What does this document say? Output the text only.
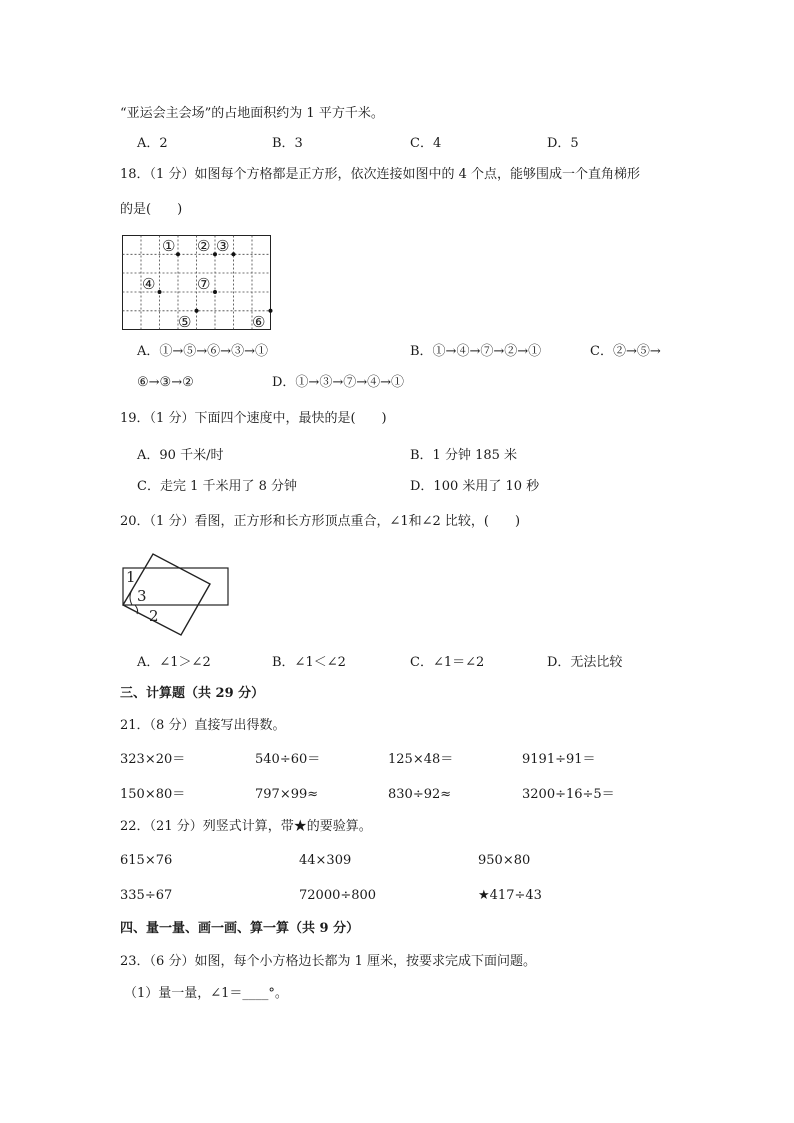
“亚运会主会场”的占地面积约为 1 平方千米。
A．2	B．3	C．4	D．5
18．（1 分）如图每个方格都是正方形，依次连接如图中的 4 个点，能够围成一个直角梯形
的是(　　)
① ② ③
④	⑦
⑤	⑥
A．①→⑤→⑥→③→①	B．①→④→⑦→②→①	C．②→⑤→
⑥→③→②	D．①→③→⑦→④→①
19．（1 分）下面四个速度中，最快的是(　　)
A．90 千米/时	B．1 分钟 185 米
C．走完 1 千米用了 8 分钟	D．100 米用了 10 秒
20．（1 分）看图，正方形和长方形顶点重合，∠1和∠2 比较，(　　)
1
3
2
A．∠1＞∠2	B．∠1＜∠2	C．∠1＝∠2	D．无法比较
三、计算题（共 29 分）
21．（8 分）直接写出得数。
323×20＝	540÷60＝	125×48＝	9191÷91＝
150×80＝	797×99≈	830÷92≈	3200÷16÷5＝
22．（21 分）列竖式计算，带★的要验算。
615×76	44×309	950×80
335÷67	72000÷800	★417÷43
四、量一量、画一画、算一算（共 9 分）
23．（6 分）如图，每个小方格边长都为 1 厘米，按要求完成下面问题。
（1）量一量，∠1＝____°。
